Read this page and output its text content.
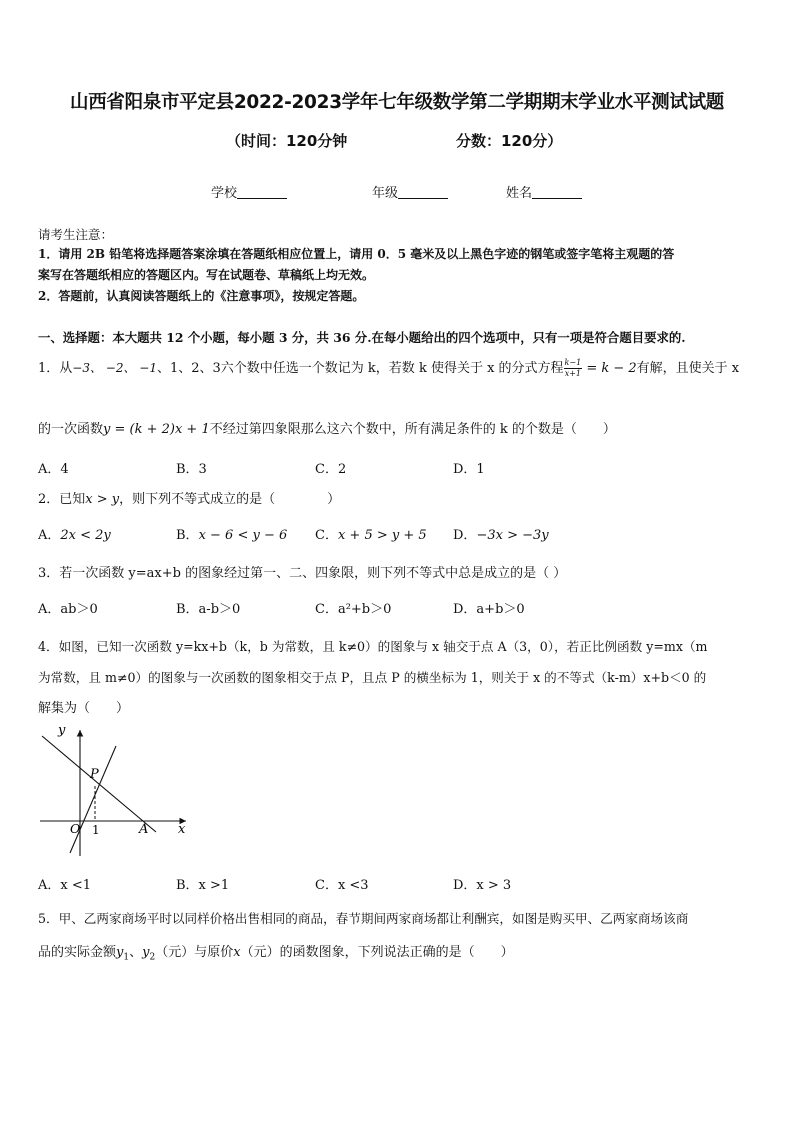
山西省阳泉市平定县2022-2023学年七年级数学第二学期期末学业水平测试试题
（时间：120分钟	分数：120分）
学校	年级	姓名
请考生注意：
1．请用 2B 铅笔将选择题答案涂填在答题纸相应位置上，请用 0．5 毫米及以上黑色字迹的钢笔或签字笔将主观题的答
案写在答题纸相应的答题区内。写在试题卷、草稿纸上均无效。
2．答题前，认真阅读答题纸上的《注意事项》，按规定答题。
一、选择题：本大题共 12 个小题，每小题 3 分，共 36 分.在每小题给出的四个选项中，只有一项是符合题目要求的.
1．从−3、 −2、 −1、1、2、3六个数中任选一个数记为 k，若数 k 使得关于 x 的分式方程 $\frac{k-1}{x+1} = k - 2$有解，且使关于 x
的一次函数y = (k + 2)x + 1不经过第四象限那么这六个数中，所有满足条件的 k 的个数是（　　）
A．4	B．3	C．2	D．1
2．已知x > y，则下列不等式成立的是（　　　　）
A．2x < 2y	B．x − 6 < y − 6 C．x + 5 > y + 5 D．−3x > −3y
3．若一次函数 y=ax+b 的图象经过第一、二、四象限，则下列不等式中总是成立的是（ ）
A．ab＞0	B．a-b＞0	C．a²+b＞0	D．a+b＞0
4．如图，已知一次函数 y=kx+b（k，b 为常数，且 k≠0）的图象与 x 轴交于点 A（3，0），若正比例函数 y=mx（m
为常数，且 m≠0）的图象与一次函数的图象相交于点 P，且点 P 的横坐标为 1，则关于 x 的不等式（k-m）x+b＜0 的
解集为（　　）
y
x
O
P
A
1
A．x <1	B．x >1	C．x <3	D．x > 3
5．甲、乙两家商场平时以同样价格出售相同的商品，春节期间两家商场都让利酬宾，如图是购买甲、乙两家商场该商
品的实际金额$y_1$、$y_2$（元）与原价x（元）的函数图象，下列说法正确的是（　　）
